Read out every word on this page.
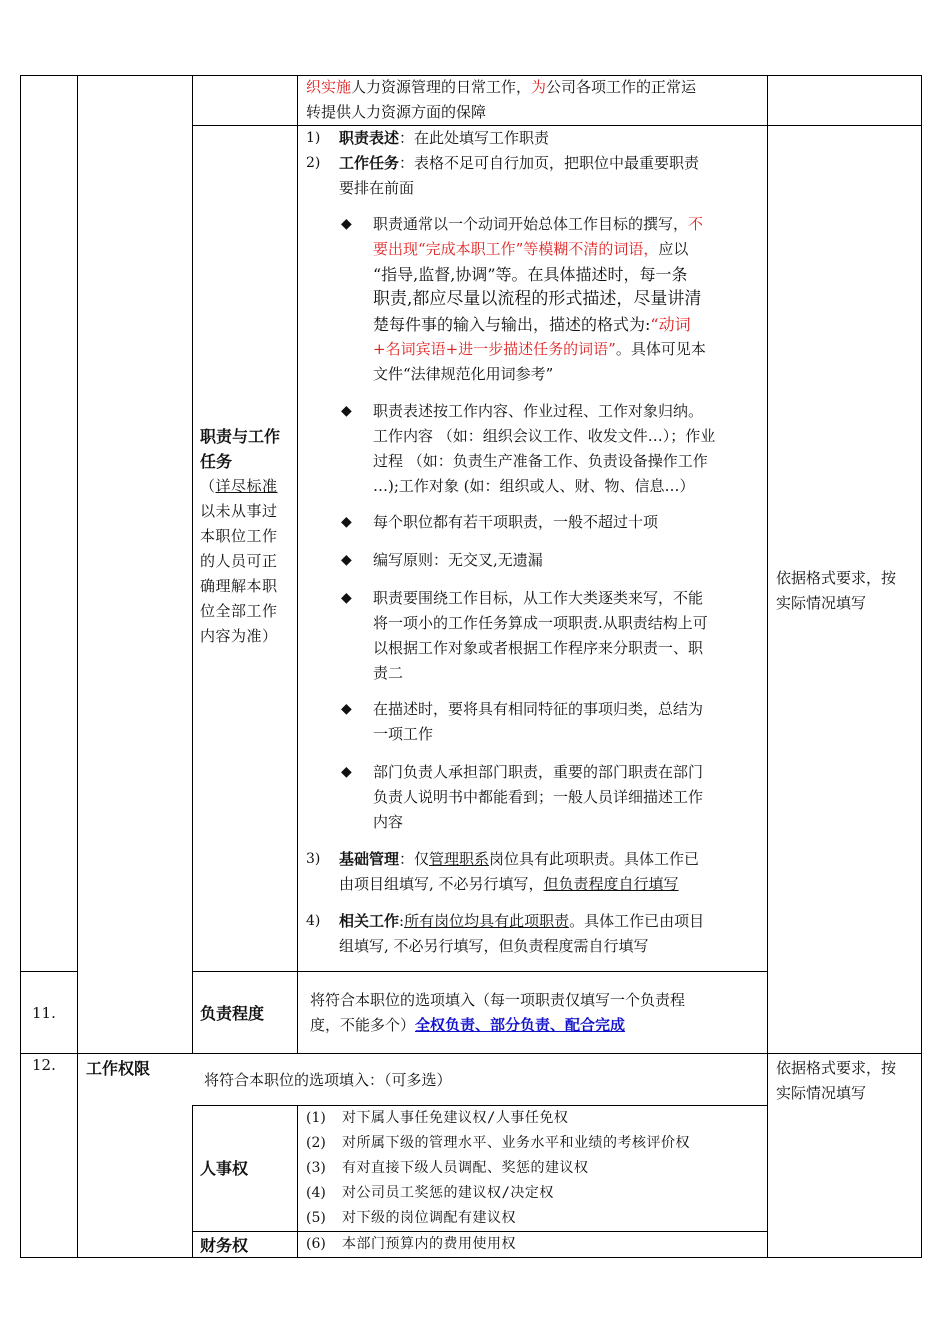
织实施人力资源管理的日常工作，为公司各项工作的正常运
转提供人力资源方面的保障
职责与工作任务
（详尽标准以未从事过本职位工作的人员可正确理解本职位全部工作内容为准）
1) 职责表述：在此处填写工作职责
2) 工作任务：表格不足可自行加页，把职位中最重要职责
要排在前面
◆ 职责通常以一个动词开始总体工作目标的撰写，不
要出现“完成本职工作”等模糊不清的词语，应以
“指导,监督,协调”等。在具体描述时，每一条
职责,都应尽量以流程的形式描述，尽量讲清
楚每件事的输入与输出，描述的格式为:“动词
+名词宾语+进一步描述任务的词语”。具体可见本
文件“法律规范化用词参考”
◆ 职责表述按工作内容、作业过程、工作对象归纳。
工作内容 （如：组织会议工作、收发文件…）；作业
过程 （如：负责生产准备工作、负责设备操作工作
…);工作对象 (如：组织或人、财、物、信息…）
◆ 每个职位都有若干项职责，一般不超过十项
◆ 编写原则：无交叉,无遗漏
◆ 职责要围绕工作目标，从工作大类逐类来写，不能
将一项小的工作任务算成一项职责.从职责结构上可
以根据工作对象或者根据工作程序来分职责一、职
责二
◆ 在描述时，要将具有相同特征的事项归类，总结为
一项工作
◆ 部门负责人承担部门职责，重要的部门职责在部门
负责人说明书中都能看到；一般人员详细描述工作
内容
3) 基础管理：仅管理职系岗位具有此项职责。具体工作已
由项目组填写, 不必另行填写，但负责程度自行填写
4) 相关工作:所有岗位均具有此项职责。具体工作已由项目
组填写, 不必另行填写，但负责程度需自行填写
依据格式要求，按
实际情况填写
11.	负责程度
将符合本职位的选项填入（每一项职责仅填写一个负责程
度，不能多个）全权负责、部分负责、配合完成
12. 工作权限
将符合本职位的选项填入：（可多选）
依据格式要求，按
实际情况填写
人事权
(1) 对下属人事任免建议权/人事任免权
(2) 对所属下级的管理水平、业务水平和业绩的考核评价权
(3) 有对直接下级人员调配、奖惩的建议权
(4) 对公司员工奖惩的建议权/决定权
(5) 对下级的岗位调配有建议权
财务权	(6) 本部门预算内的费用使用权
